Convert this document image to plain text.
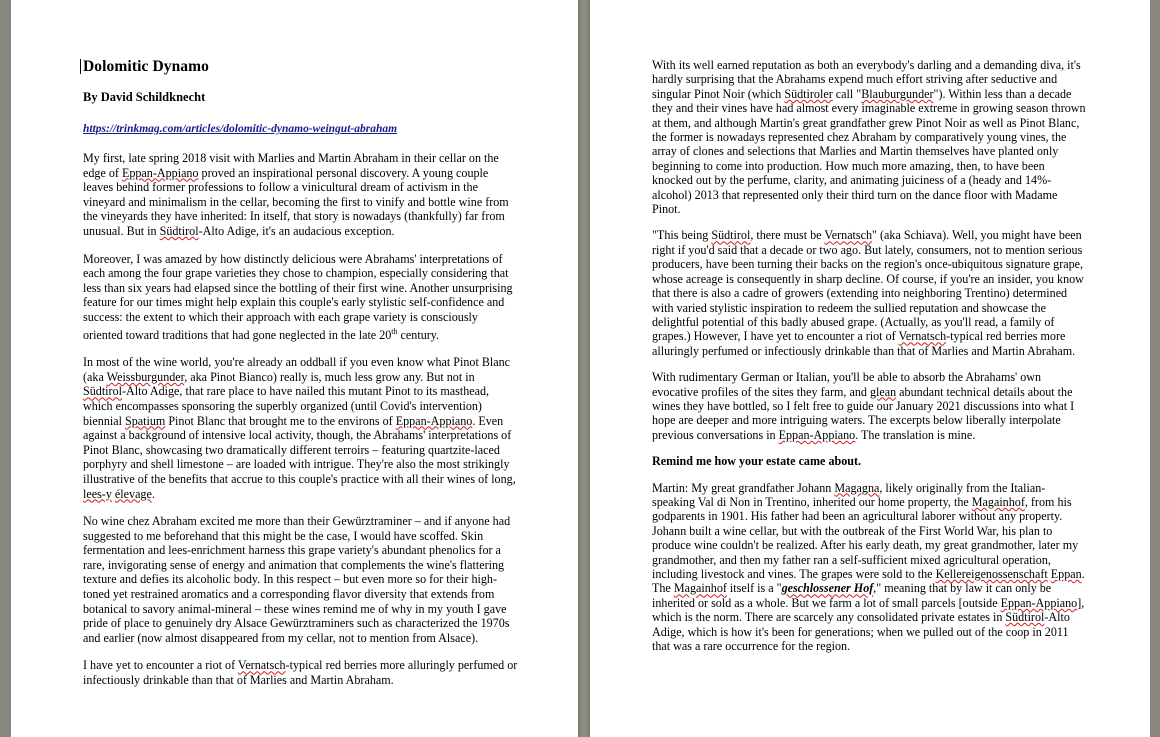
Dolomitic Dynamo
By David Schildknecht
https://trinkmag.com/articles/dolomitic-dynamo-weingut-abraham

My first, late spring 2018 visit with Marlies and Martin Abraham in their cellar on the edge of Eppan-Appiano proved an inspirational personal discovery. A young couple leaves behind former professions to follow a vinicultural dream of activism in the vineyard and minimalism in the cellar, becoming the first to vinify and bottle wine from the vineyards they have inherited: In itself, that story is nowadays (thankfully) far from unusual. But in Südtirol-Alto Adige, it's an audacious exception.

Moreover, I was amazed by how distinctly delicious were Abrahams' interpretations of each among the four grape varieties they chose to champion, especially considering that less than six years had elapsed since the bottling of their first wine. Another unsurprising feature for our times might help explain this couple's early stylistic self-confidence and success: the extent to which their approach with each grape variety is consciously oriented toward traditions that had gone neglected in the late 20th century.

In most of the wine world, you're already an oddball if you even know what Pinot Blanc (aka Weissburgunder, aka Pinot Bianco) really is, much less grow any. But not in Südtirol-Alto Adige, that rare place to have nailed this mutant Pinot to its masthead, which encompasses sponsoring the superbly organized (until Covid's intervention) biennial Spatium Pinot Blanc that brought me to the environs of Eppan-Appiano. Even against a background of intensive local activity, though, the Abrahams' interpretations of Pinot Blanc, showcasing two dramatically different terroirs – featuring quartzite-laced porphyry and shell limestone – are loaded with intrigue. They're also the most strikingly illustrative of the benefits that accrue to this couple's practice with all their wines of long, lees-y élevage.

No wine chez Abraham excited me more than their Gewürztraminer – and if anyone had suggested to me beforehand that this might be the case, I would have scoffed. Skin fermentation and lees-enrichment harness this grape variety's abundant phenolics for a rare, invigorating sense of energy and animation that complements the wine's flattering texture and defies its alcoholic body. In this respect – but even more so for their high-toned yet restrained aromatics and a corresponding flavor diversity that extends from botanical to savory animal-mineral – these wines remind me of why in my youth I gave pride of place to genuinely dry Alsace Gewürztraminers such as characterized the 1970s and earlier (now almost disappeared from my cellar, not to mention from Alsace).

I have yet to encounter a riot of Vernatsch-typical red berries more alluringly perfumed or infectiously drinkable than that of Marlies and Martin Abraham.

With its well earned reputation as both an everybody's darling and a demanding diva, it's hardly surprising that the Abrahams expend much effort striving after seductive and singular Pinot Noir (which Südtiroler call "Blauburgunder"). Within less than a decade they and their vines have had almost every imaginable extreme in growing season thrown at them, and although Martin's great grandfather grew Pinot Noir as well as Pinot Blanc, the former is nowadays represented chez Abraham by comparatively young vines, the array of clones and selections that Marlies and Martin themselves have planted only beginning to come into production. How much more amazing, then, to have been knocked out by the perfume, clarity, and animating juiciness of a (heady and 14%-alcohol) 2013 that represented only their third turn on the dance floor with Madame Pinot.

"This being Südtirol, there must be Vernatsch" (aka Schiava). Well, you might have been right if you'd said that a decade or two ago. But lately, consumers, not to mention serious producers, have been turning their backs on the region's once-ubiquitous signature grape, whose acreage is consequently in sharp decline. Of course, if you're an insider, you know that there is also a cadre of growers (extending into neighboring Trentino) determined with varied stylistic inspiration to redeem the sullied reputation and showcase the delightful potential of this badly abused grape. (Actually, as you'll read, a family of grapes.) However, I have yet to encounter a riot of Vernatsch-typical red berries more alluringly perfumed or infectiously drinkable than that of Marlies and Martin Abraham.

With rudimentary German or Italian, you'll be able to absorb the Abrahams' own evocative profiles of the sites they farm, and glean abundant technical details about the wines they have bottled, so I felt free to guide our January 2021 discussions into what I hope are deeper and more intriguing waters. The excerpts below liberally interpolate previous conversations in Eppan-Appiano. The translation is mine.

Remind me how your estate came about.

Martin: My great grandfather Johann Magagna, likely originally from the Italian-speaking Val di Non in Trentino, inherited our home property, the Magainhof, from his godparents in 1901. His father had been an agricultural laborer without any property. Johann built a wine cellar, but with the outbreak of the First World War, his plan to produce wine couldn't be realized. After his early death, my great grandmother, later my grandmother, and then my father ran a self-sufficient mixed agricultural operation, including livestock and vines. The grapes were sold to the Kellereigenossenschaft Eppan. The Magainhof itself is a "geschlossener Hof," meaning that by law it can only be inherited or sold as a whole. But we farm a lot of small parcels [outside Eppan-Appiano], which is the norm. There are scarcely any consolidated private estates in Südtirol-Alto Adige, which is how it's been for generations; when we pulled out of the coop in 2011 that was a rare occurrence for the region.
